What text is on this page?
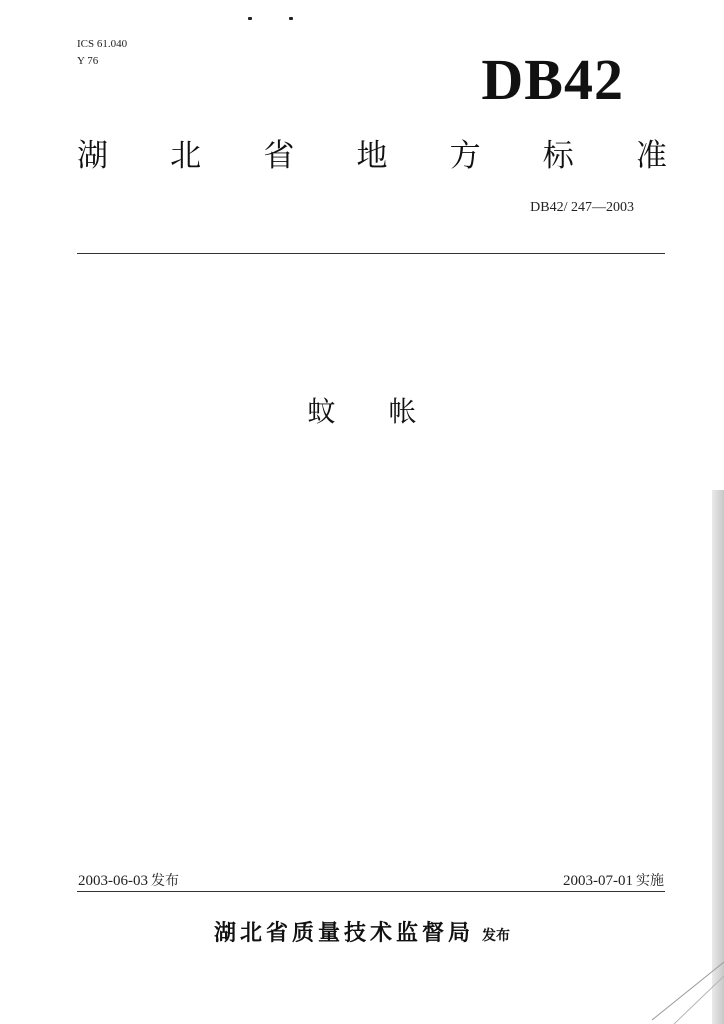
ICS 61.040
Y 76	DB42
湖 北 省 地 方 标 准
DB42/ 247—2003
蚊 帐
2003-06-03 发布	2003-07-01 实施
湖北省质量技术监督局 发布
